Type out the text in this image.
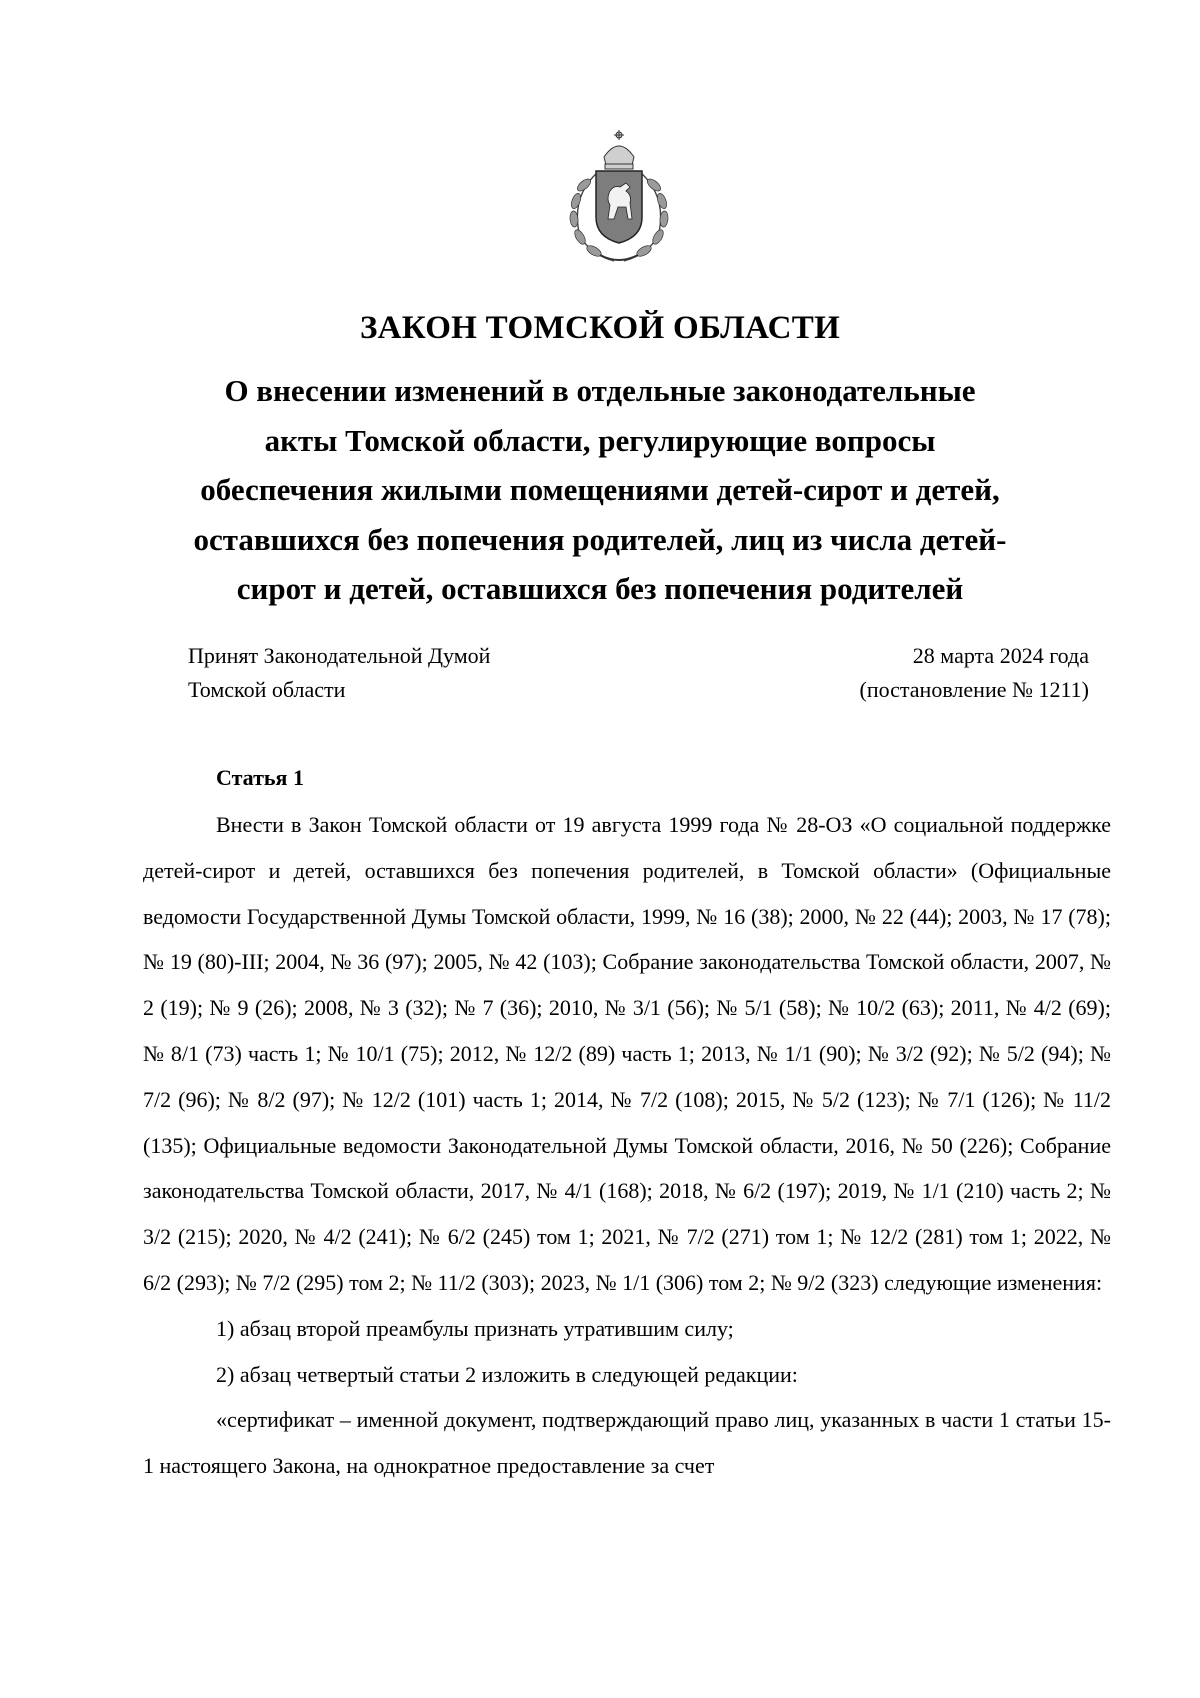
ЗАКОН ТОМСКОЙ ОБЛАСТИ
О внесении изменений в отдельные законодательные
акты Томской области, регулирующие вопросы
обеспечения жилыми помещениями детей-сирот и детей,
оставшихся без попечения родителей, лиц из числа детей-
сирот и детей, оставшихся без попечения родителей
Принят Законодательной Думой
Томской области
28 марта 2024 года
(постановление № 1211)
Статья 1

Внести в Закон Томской области от 19 августа 1999 года № 28-ОЗ «О социальной поддержке детей-сирот и детей, оставшихся без попечения родителей, в Томской области» (Официальные ведомости Государственной Думы Томской области, 1999, № 16 (38); 2000, № 22 (44); 2003, № 17 (78); № 19 (80)-III; 2004, № 36 (97); 2005, № 42 (103); Собрание законодательства Томской области, 2007, № 2 (19); № 9 (26); 2008, № 3 (32); № 7 (36); 2010, № 3/1 (56); № 5/1 (58); № 10/2 (63); 2011, № 4/2 (69); № 8/1 (73) часть 1; № 10/1 (75); 2012, № 12/2 (89) часть 1; 2013, № 1/1 (90); № 3/2 (92); № 5/2 (94); № 7/2 (96); № 8/2 (97); № 12/2 (101) часть 1; 2014, № 7/2 (108); 2015, № 5/2 (123); № 7/1 (126); № 11/2 (135); Официальные ведомости Законодательной Думы Томской области, 2016, № 50 (226); Собрание законодательства Томской области, 2017, № 4/1 (168); 2018, № 6/2 (197); 2019, № 1/1 (210) часть 2; № 3/2 (215); 2020, № 4/2 (241); № 6/2 (245) том 1; 2021, № 7/2 (271) том 1; № 12/2 (281) том 1; 2022, № 6/2 (293); № 7/2 (295) том 2; № 11/2 (303); 2023, № 1/1 (306) том 2; № 9/2 (323) следующие изменения:

1) абзац второй преамбулы признать утратившим силу;

2) абзац четвертый статьи 2 изложить в следующей редакции:

«сертификат – именной документ, подтверждающий право лиц, указанных в части 1 статьи 15-1 настоящего Закона, на однократное предоставление за счет
